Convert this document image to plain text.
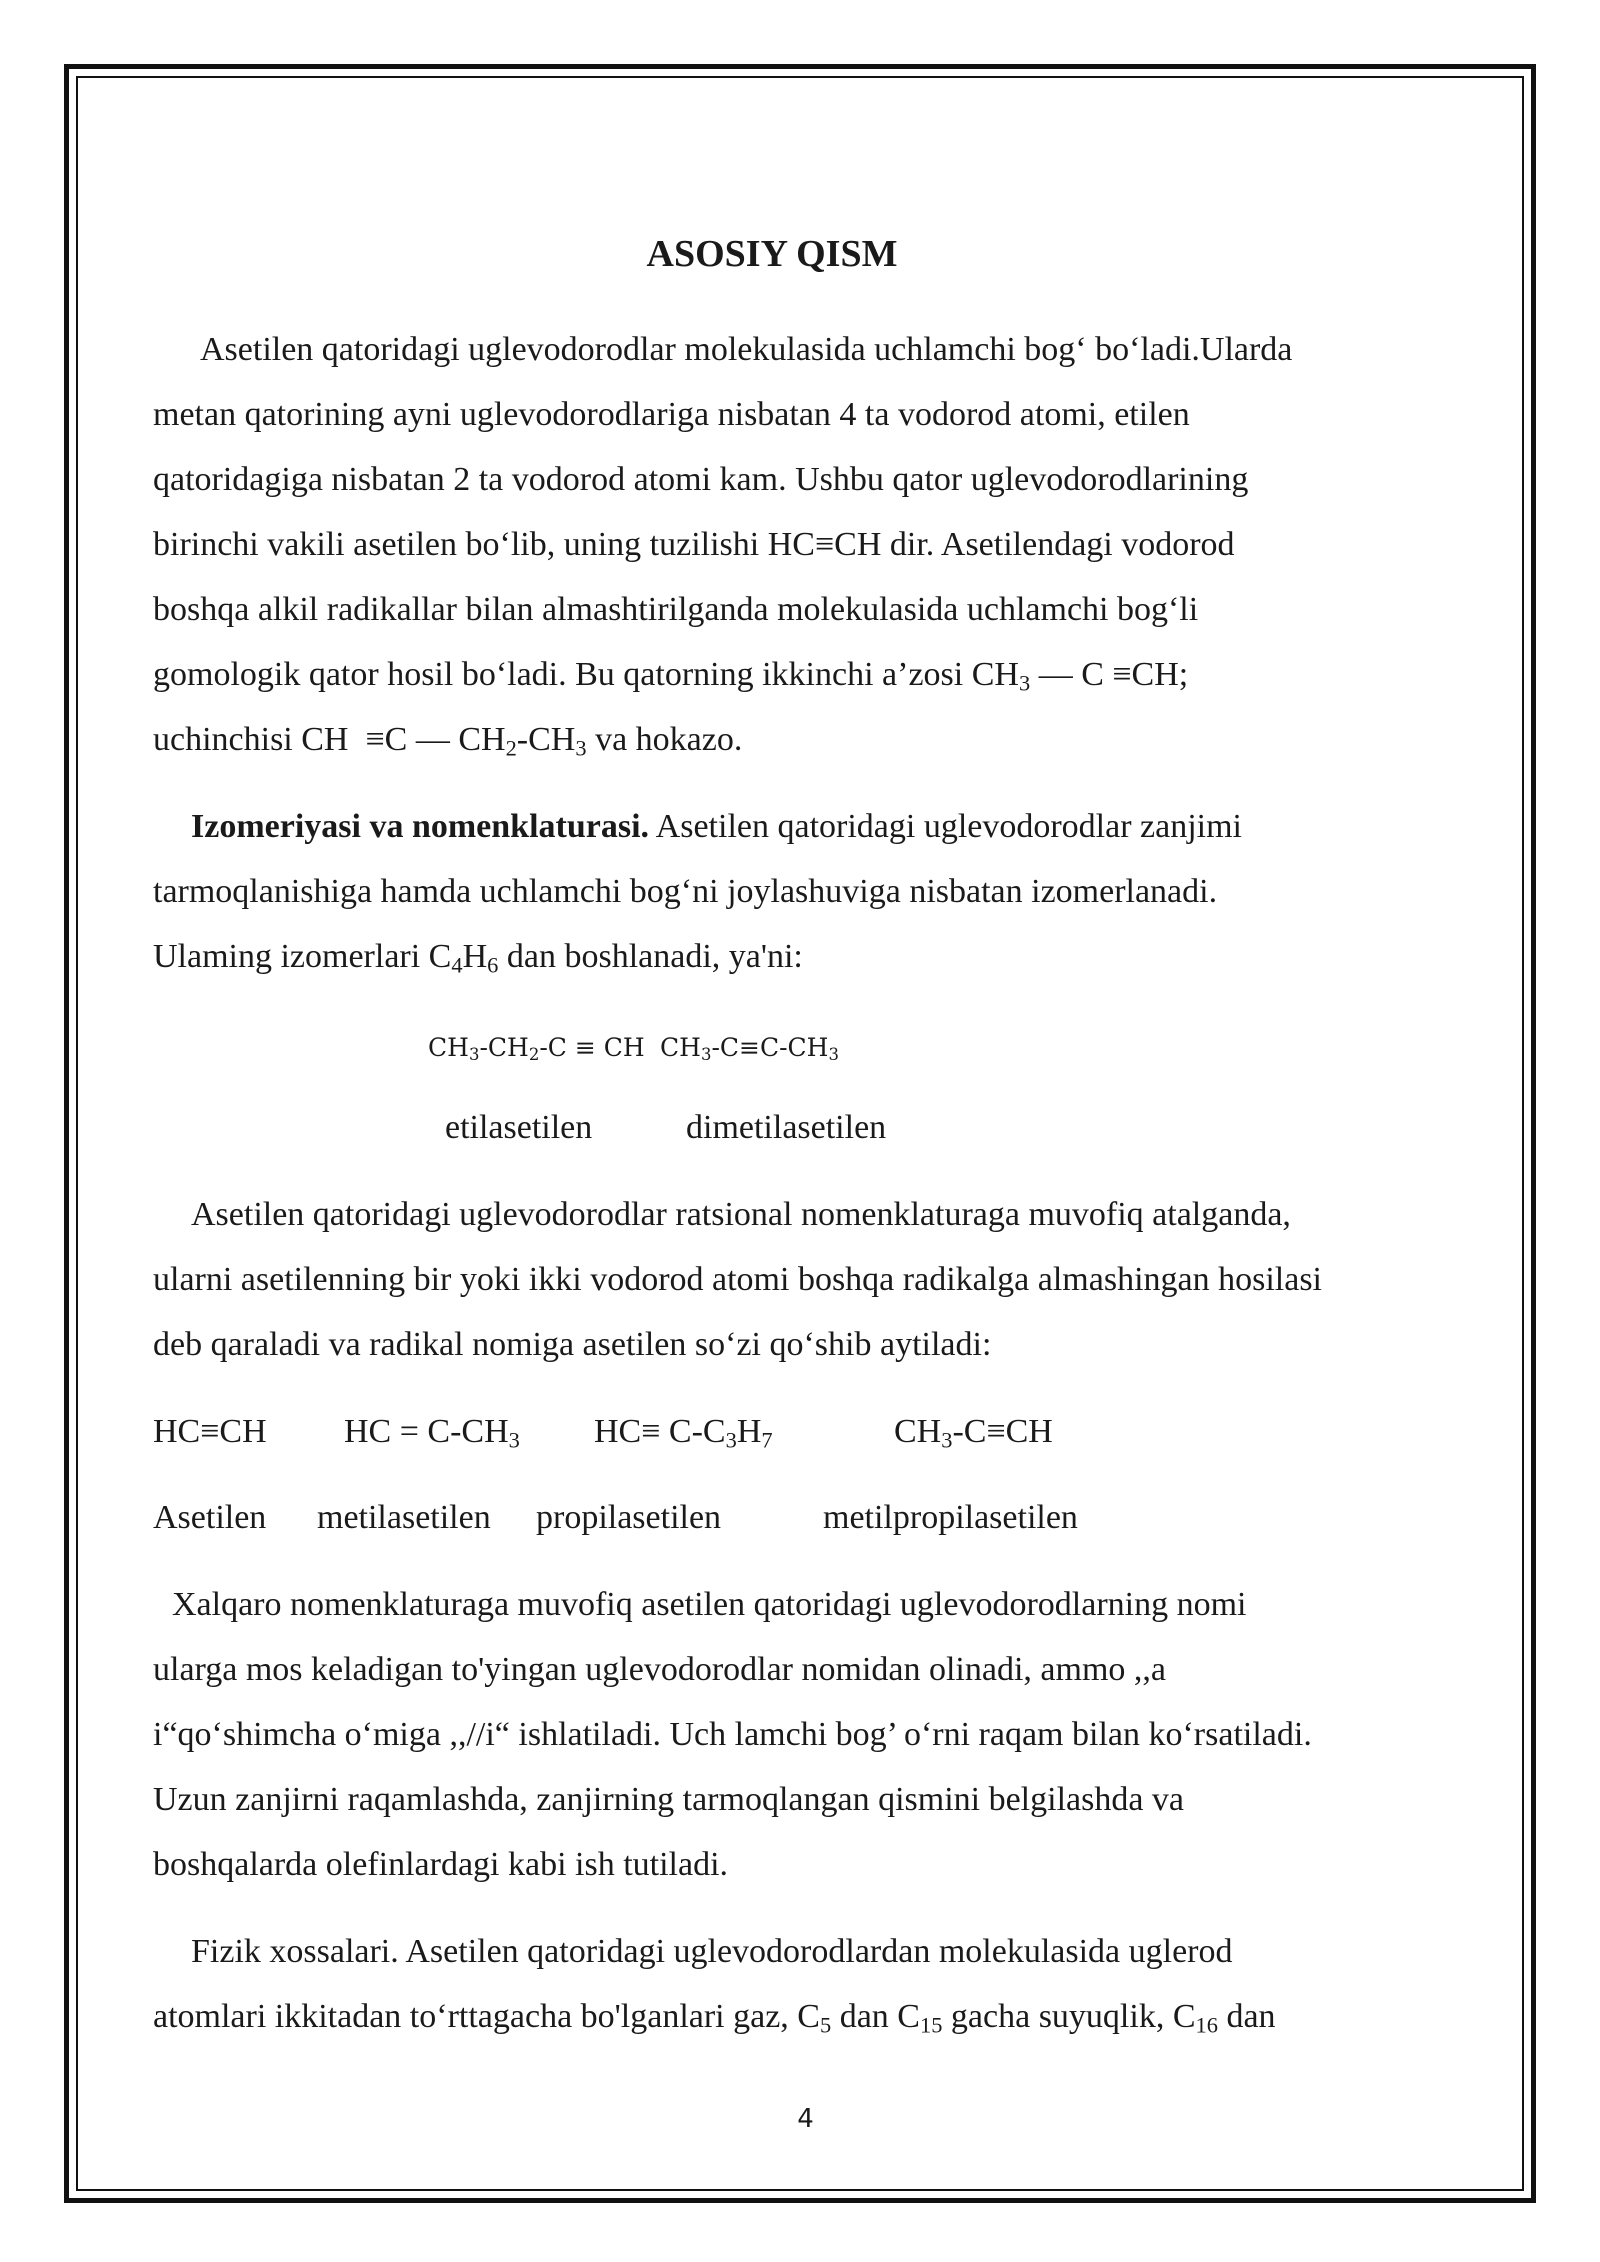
ASOSIY QISM
Asetilen qatoridagi uglevodorodlar molekulasida uchlamchi bog‘ bo‘ladi.Ularda
metan qatorining ayni uglevodorodlariga nisbatan 4 ta vodorod atomi, etilen
qatoridagiga nisbatan 2 ta vodorod atomi kam. Ushbu qator uglevodorodlarining
birinchi vakili asetilen bo‘lib, uning tuzilishi HC≡CH dir. Asetilendagi vodorod
boshqa alkil radikallar bilan almashtirilganda molekulasida uchlamchi bog‘li
gomologik qator hosil bo‘ladi. Bu qatorning ikkinchi a’zosi $CH_3$ — C ≡CH;
uchinchisi CH  ≡C — $CH_2-CH_3$ va hokazo.
Izomeriyasi va nomenklaturasi. Asetilen qatoridagi uglevodorodlar zanjimi
tarmoqlanishiga hamda uchlamchi bog‘ni joylashuviga nisbatan izomerlanadi.
Ulaming izomerlari $C_4H_6$ dan boshlanadi, ya'ni:
$CH_3-CH_2-C$ ≡ CH $CH_3-C\equiv C-CH_3$
etilasetilen	dimetilasetilen
Asetilen qatoridagi uglevodorodlar ratsional nomenklaturaga muvofiq atalganda,
ularni asetilenning bir yoki ikki vodorod atomi boshqa radikalga almashingan hosilasi
deb qaraladi va radikal nomiga asetilen so‘zi qo‘shib aytiladi:
HC≡CH HC = $C-CH_3$ $HC\equiv C-C_3H_7$	$CH_3-C\equiv CH$
Asetilen metilasetilen propilasetilen	metilpropilasetilen
Xalqaro nomenklaturaga muvofiq asetilen qatoridagi uglevodorodlarning nomi
ularga mos keladigan to'yingan uglevodorodlar nomidan olinadi, ammo ,,a
i“qo‘shimcha o‘miga ,,//i“ ishlatiladi. Uch lamchi bog’ o‘rni raqam bilan ko‘rsatiladi.
Uzun zanjirni raqamlashda, zanjirning tarmoqlangan qismini belgilashda va
boshqalarda olefinlardagi kabi ish tutiladi.
Fizik xossalari. Asetilen qatoridagi uglevodorodlardan molekulasida uglerod
atomlari ikkitadan to‘rttagacha bo'lganlari gaz, $C_5$ dan $C_{15}$ gacha suyuqlik, $C_{16}$ dan
4
